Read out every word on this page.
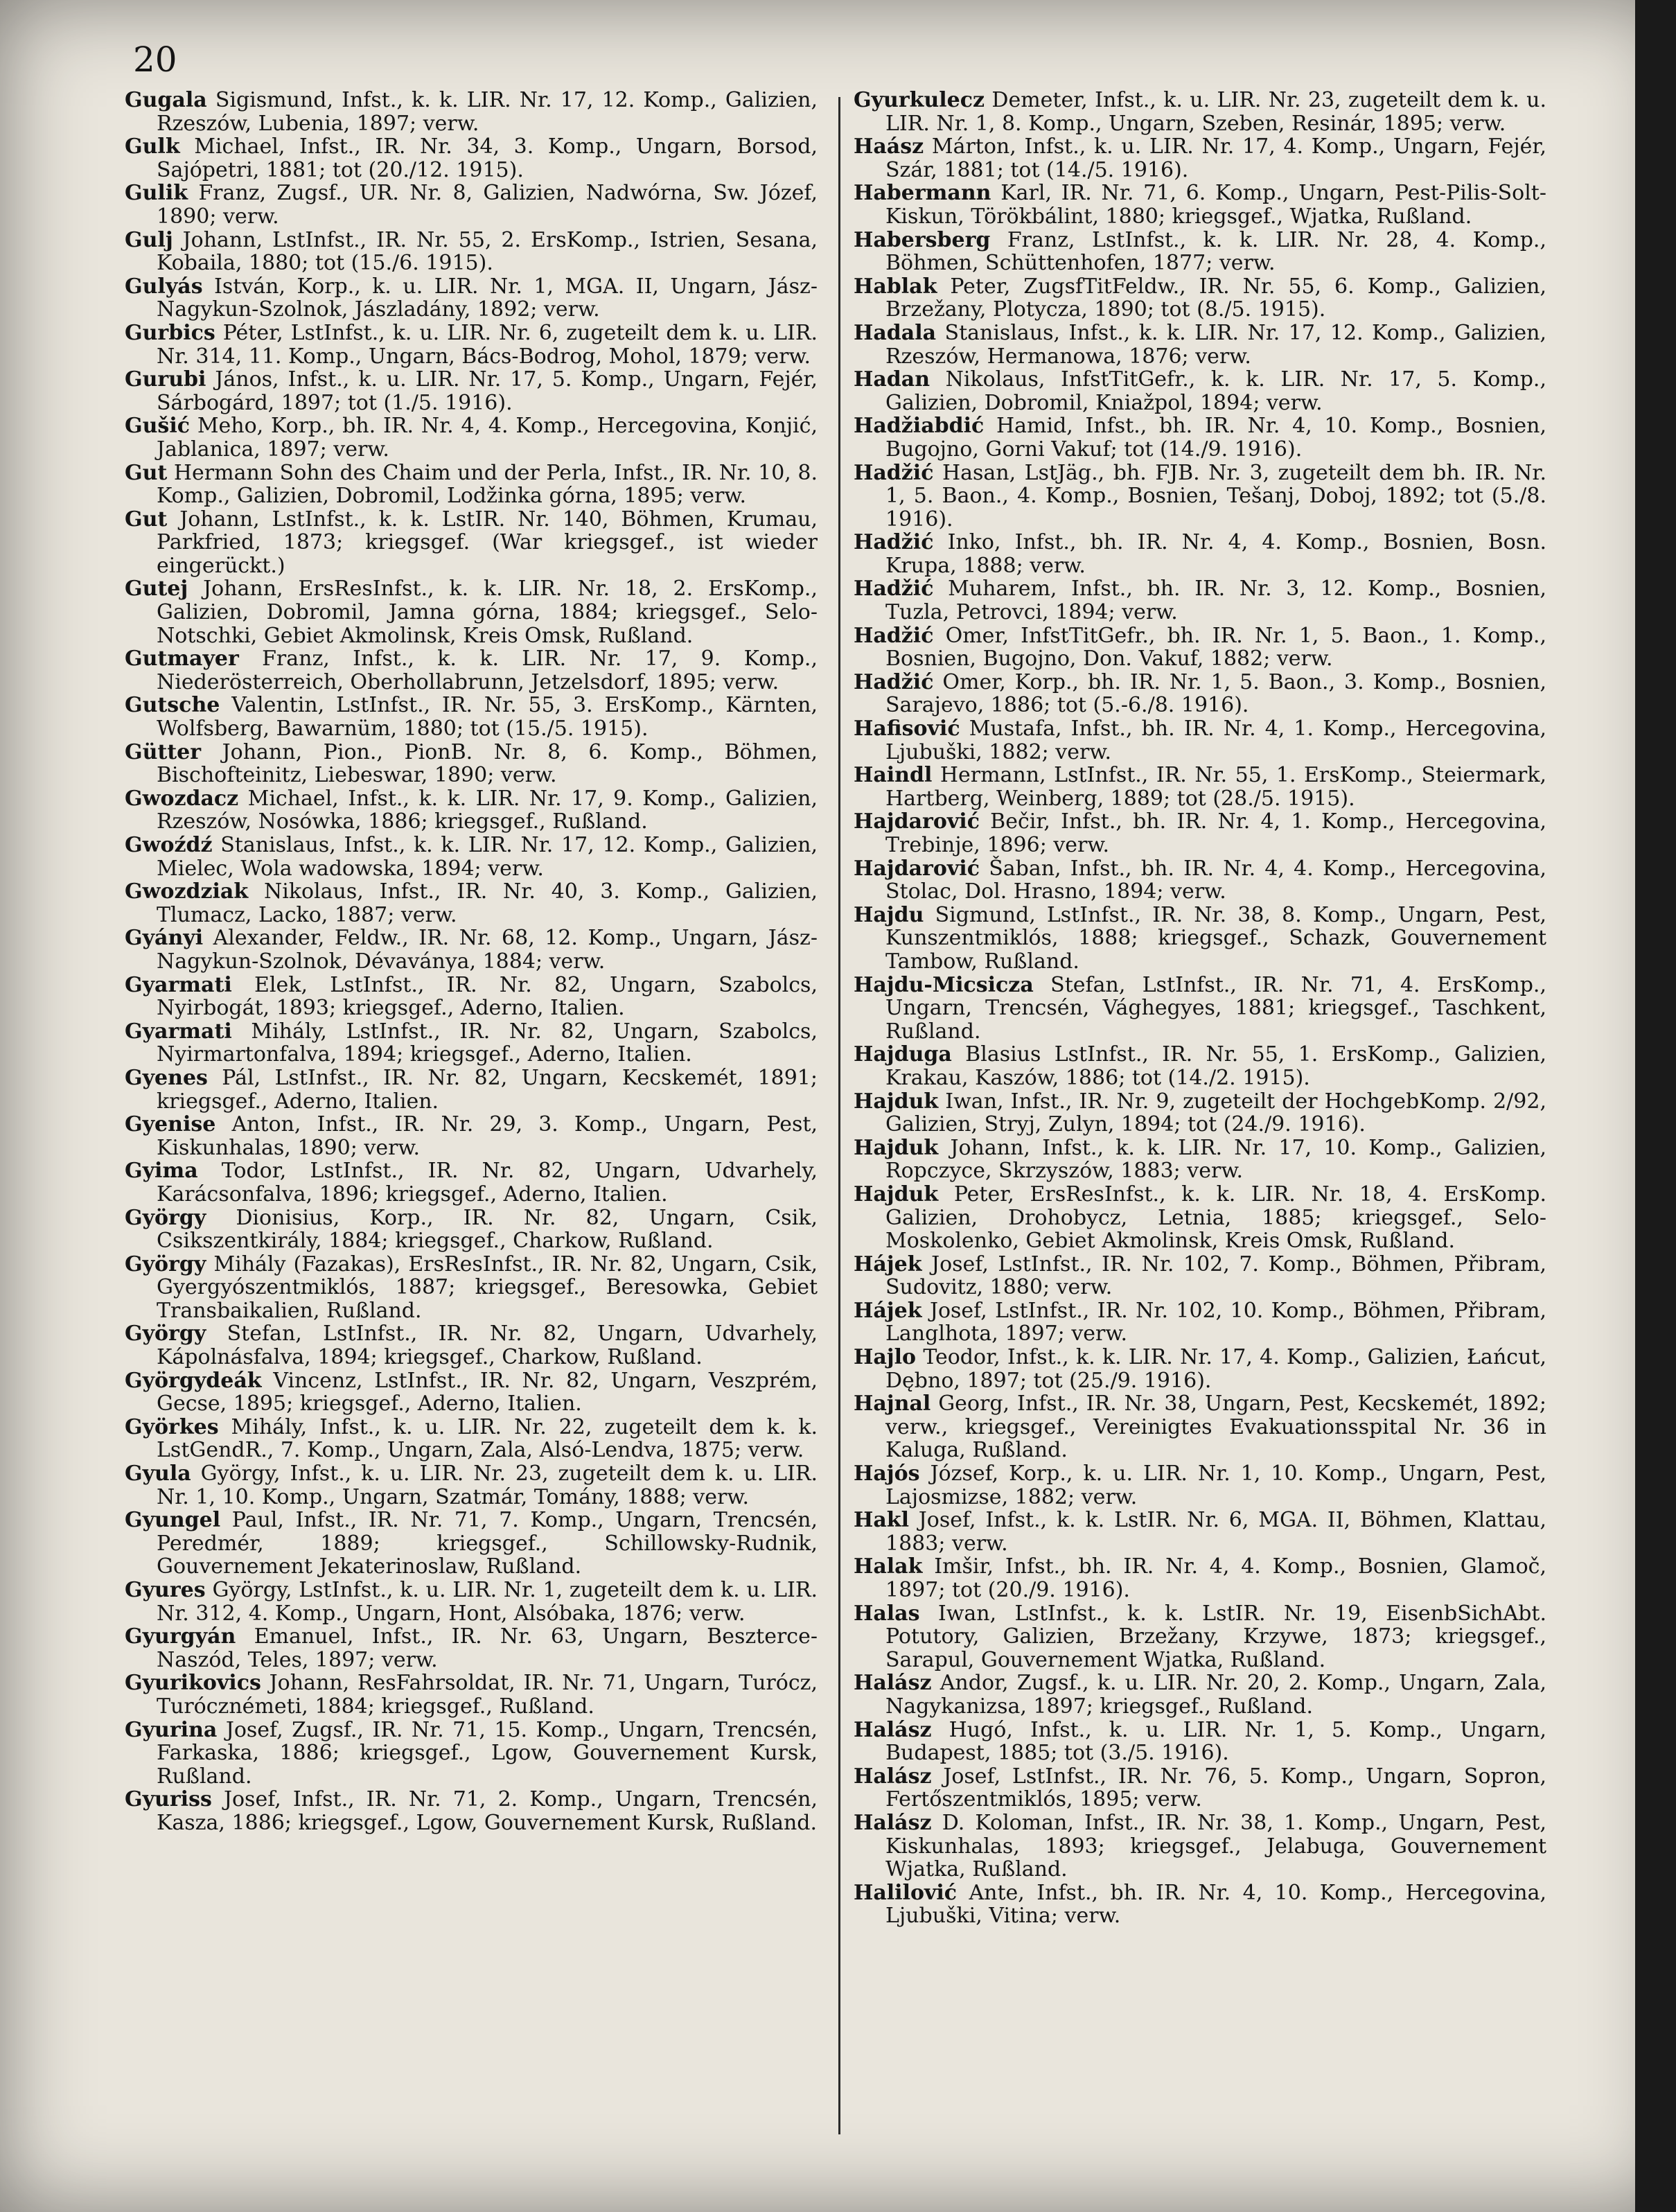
20

Gugala Sigismund, Infst., k. k. LIR. Nr. 17, 12. Komp., Galizien, Rzeszów, Lubenia, 1897; verw.

Gulk Michael, Infst., IR. Nr. 34, 3. Komp., Ungarn, Borsod, Sajópetri, 1881; tot (20./12. 1915).

Gulik Franz, Zugsf., UR. Nr. 8, Galizien, Nadwórna, Sw. Józef, 1890; verw.

Gulj Johann, LstInfst., IR. Nr. 55, 2. ErsKomp., Istrien, Sesana, Kobaila, 1880; tot (15./6. 1915).

Gulyás István, Korp., k. u. LIR. Nr. 1, MGA. II, Ungarn, Jász-Nagykun-Szolnok, Jászladány, 1892; verw.

Gurbics Péter, LstInfst., k. u. LIR. Nr. 6, zugeteilt dem k. u. LIR. Nr. 314, 11. Komp., Ungarn, Bács-Bodrog, Mohol, 1879; verw.

Gurubi János, Infst., k. u. LIR. Nr. 17, 5. Komp., Ungarn, Fejér, Sárbogárd, 1897; tot (1./5. 1916).

Gušić Meho, Korp., bh. IR. Nr. 4, 4. Komp., Hercegovina, Konjić, Jablanica, 1897; verw.

Gut Hermann Sohn des Chaim und der Perla, Infst., IR. Nr. 10, 8. Komp., Galizien, Dobromil, Lodžinka górna, 1895; verw.

Gut Johann, LstInfst., k. k. LstIR. Nr. 140, Böhmen, Krumau, Parkfried, 1873; kriegsgef. (War kriegsgef., ist wieder eingerückt.)

Gutej Johann, ErsResInfst., k. k. LIR. Nr. 18, 2. ErsKomp., Galizien, Dobromil, Jamna górna, 1884; kriegsgef., Selo-Notschki, Gebiet Akmolinsk, Kreis Omsk, Rußland.

Gutmayer Franz, Infst., k. k. LIR. Nr. 17, 9. Komp., Niederösterreich, Oberhollabrunn, Jetzelsdorf, 1895; verw.

Gutsche Valentin, LstInfst., IR. Nr. 55, 3. ErsKomp., Kärnten, Wolfsberg, Bawarnüm, 1880; tot (15./5. 1915).

Gütter Johann, Pion., PionB. Nr. 8, 6. Komp., Böhmen, Bischofteinitz, Liebeswar, 1890; verw.

Gwozdacz Michael, Infst., k. k. LIR. Nr. 17, 9. Komp., Galizien, Rzeszów, Nosówka, 1886; kriegsgef., Rußland.

Gwoźdź Stanislaus, Infst., k. k. LIR. Nr. 17, 12. Komp., Galizien, Mielec, Wola wadowska, 1894; verw.

Gwozdziak Nikolaus, Infst., IR. Nr. 40, 3. Komp., Galizien, Tlumacz, Lacko, 1887; verw.

Gyányi Alexander, Feldw., IR. Nr. 68, 12. Komp., Ungarn, Jász-Nagykun-Szolnok, Dévaványa, 1884; verw.

Gyarmati Elek, LstInfst., IR. Nr. 82, Ungarn, Szabolcs, Nyirbogát, 1893; kriegsgef., Aderno, Italien.

Gyarmati Mihály, LstInfst., IR. Nr. 82, Ungarn, Szabolcs, Nyirmartonfalva, 1894; kriegsgef., Aderno, Italien.

Gyenes Pál, LstInfst., IR. Nr. 82, Ungarn, Kecskemét, 1891; kriegsgef., Aderno, Italien.

Gyenise Anton, Infst., IR. Nr. 29, 3. Komp., Ungarn, Pest, Kiskunhalas, 1890; verw.

Gyima Todor, LstInfst., IR. Nr. 82, Ungarn, Udvarhely, Karácsonfalva, 1896; kriegsgef., Aderno, Italien.

György Dionisius, Korp., IR. Nr. 82, Ungarn, Csik, Csikszentkirály, 1884; kriegsgef., Charkow, Rußland.

György Mihály (Fazakas), ErsResInfst., IR. Nr. 82, Ungarn, Csik, Gyergyószentmiklós, 1887; kriegsgef., Beresowka, Gebiet Transbaikalien, Rußland.

György Stefan, LstInfst., IR. Nr. 82, Ungarn, Udvarhely, Kápolnásfalva, 1894; kriegsgef., Charkow, Rußland.

Györgydeák Vincenz, LstInfst., IR. Nr. 82, Ungarn, Veszprém, Gecse, 1895; kriegsgef., Aderno, Italien.

Györkes Mihály, Infst., k. u. LIR. Nr. 22, zugeteilt dem k. k. LstGendR., 7. Komp., Ungarn, Zala, Alsó-Lendva, 1875; verw.

Gyula György, Infst., k. u. LIR. Nr. 23, zugeteilt dem k. u. LIR. Nr. 1, 10. Komp., Ungarn, Szatmár, Tomány, 1888; verw.

Gyungel Paul, Infst., IR. Nr. 71, 7. Komp., Ungarn, Trencsén, Peredmér, 1889; kriegsgef., Schillowsky-Rudnik, Gouvernement Jekaterinoslaw, Rußland.

Gyures György, LstInfst., k. u. LIR. Nr. 1, zugeteilt dem k. u. LIR. Nr. 312, 4. Komp., Ungarn, Hont, Alsóbaka, 1876; verw.

Gyurgyán Emanuel, Infst., IR. Nr. 63, Ungarn, Beszterce-Naszód, Teles, 1897; verw.

Gyurikovics Johann, ResFahrsoldat, IR. Nr. 71, Ungarn, Turócz, Turócznémeti, 1884; kriegsgef., Rußland.

Gyurina Josef, Zugsf., IR. Nr. 71, 15. Komp., Ungarn, Trencsén, Farkaska, 1886; kriegsgef., Lgow, Gouvernement Kursk, Rußland.

Gyuriss Josef, Infst., IR. Nr. 71, 2. Komp., Ungarn, Trencsén, Kasza, 1886; kriegsgef., Lgow, Gouvernement Kursk, Rußland.

Gyurkulecz Demeter, Infst., k. u. LIR. Nr. 23, zugeteilt dem k. u. LIR. Nr. 1, 8. Komp., Ungarn, Szeben, Resinár, 1895; verw.

Haász Márton, Infst., k. u. LIR. Nr. 17, 4. Komp., Ungarn, Fejér, Szár, 1881; tot (14./5. 1916).

Habermann Karl, IR. Nr. 71, 6. Komp., Ungarn, Pest-Pilis-Solt-Kiskun, Törökbálint, 1880; kriegsgef., Wjatka, Rußland.

Habersberg Franz, LstInfst., k. k. LIR. Nr. 28, 4. Komp., Böhmen, Schüttenhofen, 1877; verw.

Hablak Peter, ZugsfTitFeldw., IR. Nr. 55, 6. Komp., Galizien, Brzežany, Plotycza, 1890; tot (8./5. 1915).

Hadala Stanislaus, Infst., k. k. LIR. Nr. 17, 12. Komp., Galizien, Rzeszów, Hermanowa, 1876; verw.

Hadan Nikolaus, InfstTitGefr., k. k. LIR. Nr. 17, 5. Komp., Galizien, Dobromil, Kniažpol, 1894; verw.

Hadžiabdić Hamid, Infst., bh. IR. Nr. 4, 10. Komp., Bosnien, Bugojno, Gorni Vakuf; tot (14./9. 1916).

Hadžić Hasan, LstJäg., bh. FJB. Nr. 3, zugeteilt dem bh. IR. Nr. 1, 5. Baon., 4. Komp., Bosnien, Tešanj, Doboj, 1892; tot (5./8. 1916).

Hadžić Inko, Infst., bh. IR. Nr. 4, 4. Komp., Bosnien, Bosn. Krupa, 1888; verw.

Hadžić Muharem, Infst., bh. IR. Nr. 3, 12. Komp., Bosnien, Tuzla, Petrovci, 1894; verw.

Hadžić Omer, InfstTitGefr., bh. IR. Nr. 1, 5. Baon., 1. Komp., Bosnien, Bugojno, Don. Vakuf, 1882; verw.

Hadžić Omer, Korp., bh. IR. Nr. 1, 5. Baon., 3. Komp., Bosnien, Sarajevo, 1886; tot (5.-6./8. 1916).

Hafisović Mustafa, Infst., bh. IR. Nr. 4, 1. Komp., Hercegovina, Ljubuški, 1882; verw.

Haindl Hermann, LstInfst., IR. Nr. 55, 1. ErsKomp., Steiermark, Hartberg, Weinberg, 1889; tot (28./5. 1915).

Hajdarović Bečir, Infst., bh. IR. Nr. 4, 1. Komp., Hercegovina, Trebinje, 1896; verw.

Hajdarović Šaban, Infst., bh. IR. Nr. 4, 4. Komp., Hercegovina, Stolac, Dol. Hrasno, 1894; verw.

Hajdu Sigmund, LstInfst., IR. Nr. 38, 8. Komp., Ungarn, Pest, Kunszentmiklós, 1888; kriegsgef., Schazk, Gouvernement Tambow, Rußland.

Hajdu-Micsicza Stefan, LstInfst., IR. Nr. 71, 4. ErsKomp., Ungarn, Trencsén, Vághegyes, 1881; kriegsgef., Taschkent, Rußland.

Hajduga Blasius LstInfst., IR. Nr. 55, 1. ErsKomp., Galizien, Krakau, Kaszów, 1886; tot (14./2. 1915).

Hajduk Iwan, Infst., IR. Nr. 9, zugeteilt der HochgebKomp. 2/92, Galizien, Stryj, Zulyn, 1894; tot (24./9. 1916).

Hajduk Johann, Infst., k. k. LIR. Nr. 17, 10. Komp., Galizien, Ropczyce, Skrzyszów, 1883; verw.

Hajduk Peter, ErsResInfst., k. k. LIR. Nr. 18, 4. ErsKomp. Galizien, Drohobycz, Letnia, 1885; kriegsgef., Selo-Moskolenko, Gebiet Akmolinsk, Kreis Omsk, Rußland.

Hájek Josef, LstInfst., IR. Nr. 102, 7. Komp., Böhmen, Přibram, Sudovitz, 1880; verw.

Hájek Josef, LstInfst., IR. Nr. 102, 10. Komp., Böhmen, Přibram, Langlhota, 1897; verw.

Hajlo Teodor, Infst., k. k. LIR. Nr. 17, 4. Komp., Galizien, Łańcut, Dębno, 1897; tot (25./9. 1916).

Hajnal Georg, Infst., IR. Nr. 38, Ungarn, Pest, Kecskemét, 1892; verw., kriegsgef., Vereinigtes Evakuationsspital Nr. 36 in Kaluga, Rußland.

Hajós József, Korp., k. u. LIR. Nr. 1, 10. Komp., Ungarn, Pest, Lajosmizse, 1882; verw.

Hakl Josef, Infst., k. k. LstIR. Nr. 6, MGA. II, Böhmen, Klattau, 1883; verw.

Halak Imšir, Infst., bh. IR. Nr. 4, 4. Komp., Bosnien, Glamoč, 1897; tot (20./9. 1916).

Halas Iwan, LstInfst., k. k. LstIR. Nr. 19, EisenbSichAbt. Potutory, Galizien, Brzežany, Krzywe, 1873; kriegsgef., Sarapul, Gouvernement Wjatka, Rußland.

Halász Andor, Zugsf., k. u. LIR. Nr. 20, 2. Komp., Ungarn, Zala, Nagykanizsa, 1897; kriegsgef., Rußland.

Halász Hugó, Infst., k. u. LIR. Nr. 1, 5. Komp., Ungarn, Budapest, 1885; tot (3./5. 1916).

Halász Josef, LstInfst., IR. Nr. 76, 5. Komp., Ungarn, Sopron, Fertőszentmiklós, 1895; verw.

Halász D. Koloman, Infst., IR. Nr. 38, 1. Komp., Ungarn, Pest, Kiskunhalas, 1893; kriegsgef., Jelabuga, Gouvernement Wjatka, Rußland.

Halilović Ante, Infst., bh. IR. Nr. 4, 10. Komp., Hercegovina, Ljubuški, Vitina; verw.
